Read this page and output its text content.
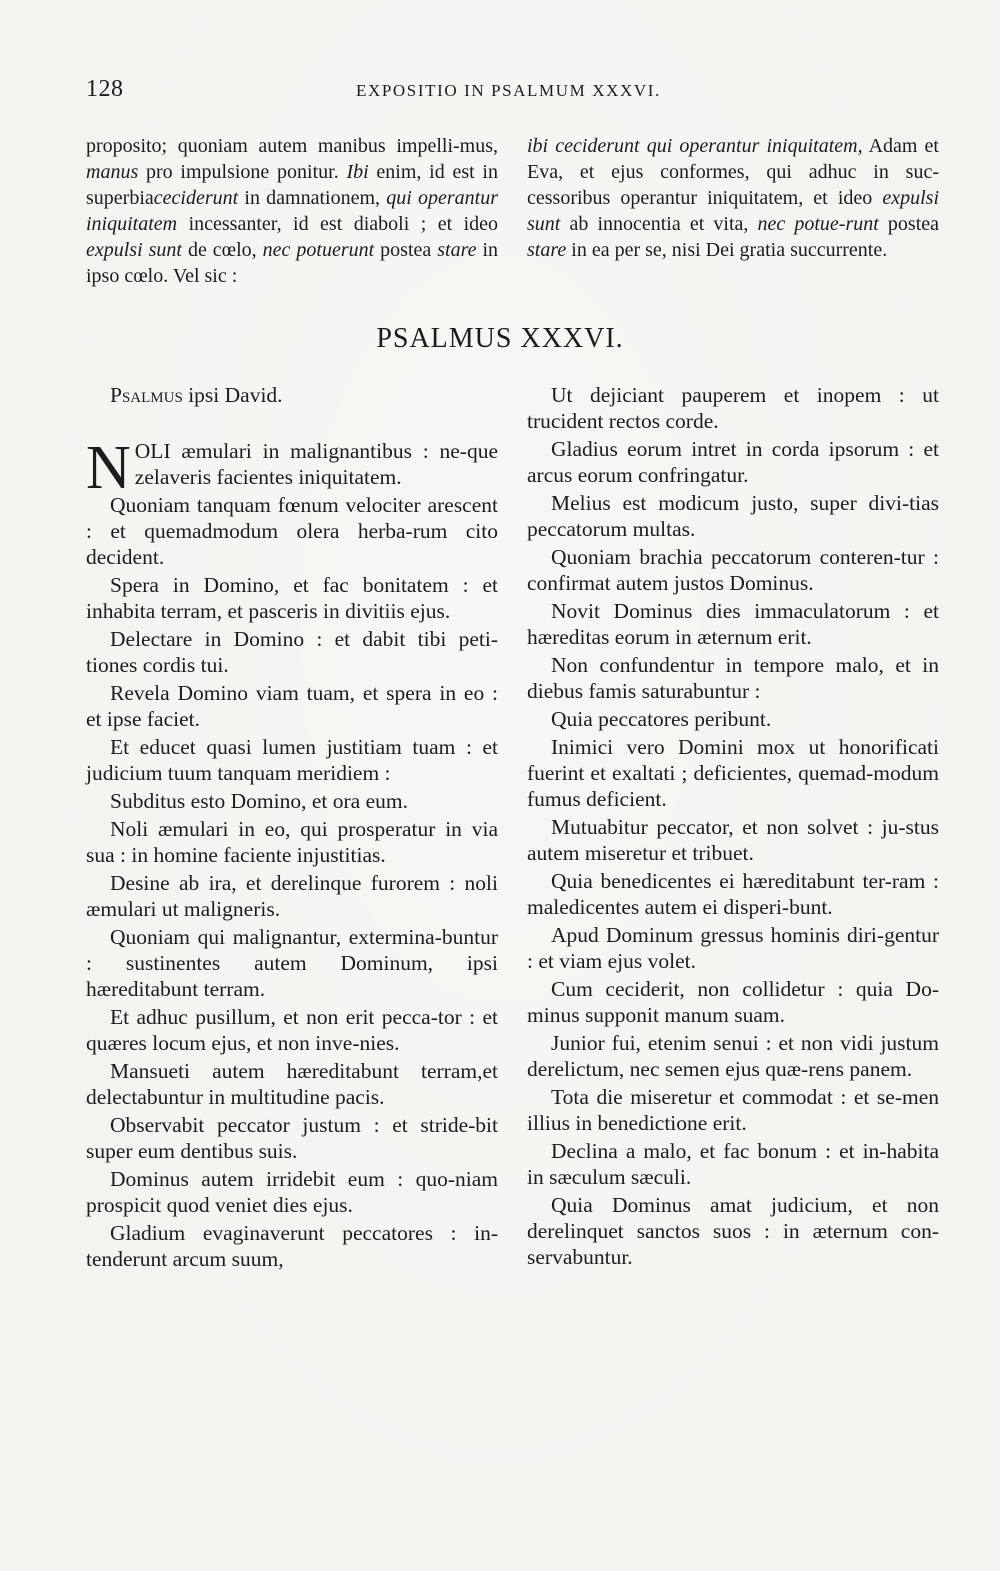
128	EXPOSITIO IN PSALMUM XXXVI.

proposito; quoniam autem manibus impelli-mus, manus pro impulsione ponitur. Ibi enim, id est in superbiaceciderunt in damnationem, qui operantur iniquitatem incessanter, id est diaboli ; et ideo expulsi sunt de cœlo, nec potuerunt postea stare in ipso cœlo. Vel sic :

ibi ceciderunt qui operantur iniquitatem, Adam et Eva, et ejus conformes, qui adhuc in suc-cessoribus operantur iniquitatem, et ideo expulsi sunt ab innocentia et vita, nec potue-runt postea stare in ea per se, nisi Dei gratia succurrente.

PSALMUS XXXVI.

Psalmus ipsi David.

NOLI æmulari in malignantibus : ne-que zelaveris facientes iniquitatem.

Quoniam tanquam fœnum velociter arescent : et quemadmodum olera herba-rum cito decident.

Spera in Domino, et fac bonitatem : et inhabita terram, et pasceris in divitiis ejus.

Delectare in Domino : et dabit tibi peti-tiones cordis tui.

Revela Domino viam tuam, et spera in eo : et ipse faciet.

Et educet quasi lumen justitiam tuam : et judicium tuum tanquam meridiem :

Subditus esto Domino, et ora eum.

Noli æmulari in eo, qui prosperatur in via sua : in homine faciente injustitias.

Desine ab ira, et derelinque furorem : noli æmulari ut maligneris.

Quoniam qui malignantur, extermina-buntur : sustinentes autem Dominum, ipsi hæreditabunt terram.

Et adhuc pusillum, et non erit pecca-tor : et quæres locum ejus, et non inve-nies.

Mansueti autem hæreditabunt terram,et delectabuntur in multitudine pacis.

Observabit peccator justum : et stride-bit super eum dentibus suis.

Dominus autem irridebit eum : quo-niam prospicit quod veniet dies ejus.

Gladium evaginaverunt peccatores : in-tenderunt arcum suum,

Ut dejiciant pauperem et inopem : ut trucident rectos corde.

Gladius eorum intret in corda ipsorum : et arcus eorum confringatur.

Melius est modicum justo, super divi-tias peccatorum multas.

Quoniam brachia peccatorum conteren-tur : confirmat autem justos Dominus.

Novit Dominus dies immaculatorum : et hæreditas eorum in æternum erit.

Non confundentur in tempore malo, et in diebus famis saturabuntur :

Quia peccatores peribunt.

Inimici vero Domini mox ut honorificati fuerint et exaltati ; deficientes, quemad-modum fumus deficient.

Mutuabitur peccator, et non solvet : ju-stus autem miseretur et tribuet.

Quia benedicentes ei hæreditabunt ter-ram : maledicentes autem ei disperi-bunt.

Apud Dominum gressus hominis diri-gentur : et viam ejus volet.

Cum ceciderit, non collidetur : quia Do-minus supponit manum suam.

Junior fui, etenim senui : et non vidi justum derelictum, nec semen ejus quæ-rens panem.

Tota die miseretur et commodat : et se-men illius in benedictione erit.

Declina a malo, et fac bonum : et in-habita in sæculum sæculi.

Quia Dominus amat judicium, et non derelinquet sanctos suos : in æternum con-servabuntur.
